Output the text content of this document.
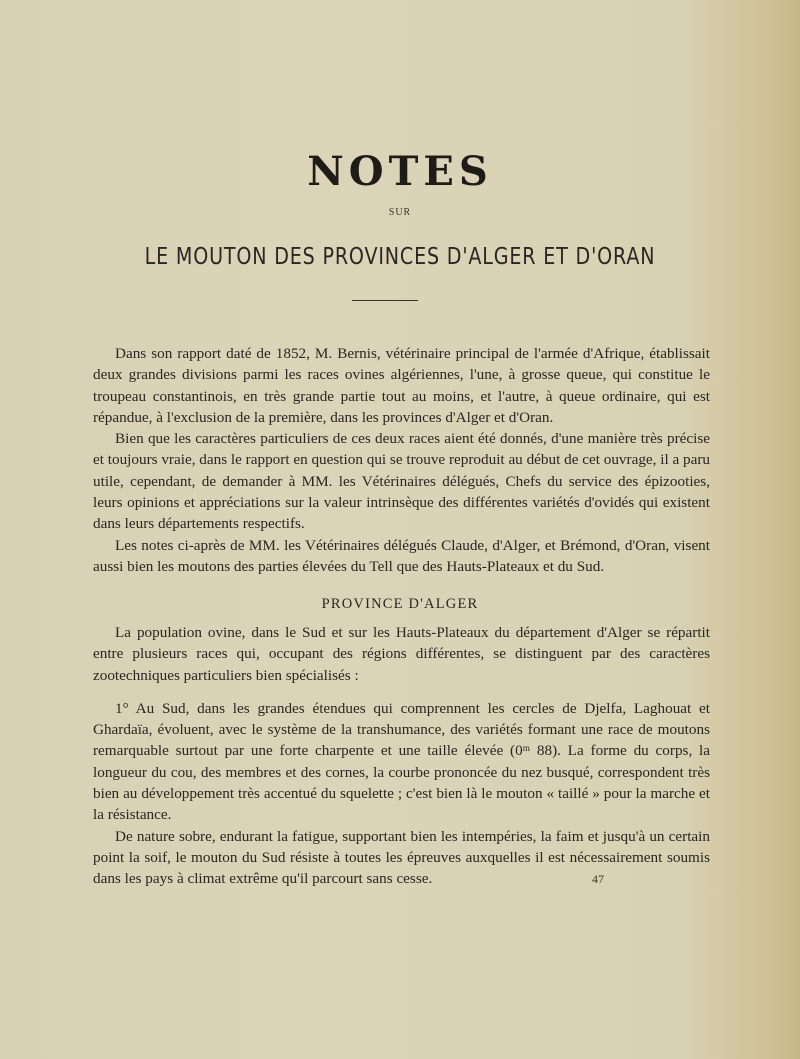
NOTES
SUR
LE MOUTON DES PROVINCES D'ALGER ET D'ORAN

Dans son rapport daté de 1852, M. Bernis, vétérinaire principal de l'armée d'Afrique, établissait deux grandes divisions parmi les races ovines algériennes, l'une, à grosse queue, qui constitue le troupeau constantinois, en très grande partie tout au moins, et l'autre, à queue ordinaire, qui est répandue, à l'exclusion de la première, dans les provinces d'Alger et d'Oran.

Bien que les caractères particuliers de ces deux races aient été donnés, d'une manière très précise et toujours vraie, dans le rapport en question qui se trouve reproduit au début de cet ouvrage, il a paru utile, cependant, de demander à MM. les Vétérinaires délégués, Chefs du service des épizooties, leurs opinions et appréciations sur la valeur intrinsèque des différentes variétés d'ovidés qui existent dans leurs départements respectifs.

Les notes ci-après de MM. les Vétérinaires délégués Claude, d'Alger, et Brémond, d'Oran, visent aussi bien les moutons des parties élevées du Tell que des Hauts-Plateaux et du Sud.

PROVINCE D'ALGER

La population ovine, dans le Sud et sur les Hauts-Plateaux du département d'Alger se répartit entre plusieurs races qui, occupant des régions différentes, se distinguent par des caractères zootechniques particuliers bien spécialisés :

1° Au Sud, dans les grandes étendues qui comprennent les cercles de Djelfa, Laghouat et Ghardaïa, évoluent, avec le système de la transhumance, des variétés formant une race de moutons remarquable surtout par une forte charpente et une taille élevée (0ᵐ 88). La forme du corps, la longueur du cou, des membres et des cornes, la courbe prononcée du nez busqué, correspondent très bien au développement très accentué du squelette ; c'est bien là le mouton « taillé » pour la marche et la résistance.

De nature sobre, endurant la fatigue, supportant bien les intempéries, la faim et jusqu'à un certain point la soif, le mouton du Sud résiste à toutes les épreuves auxquelles il est nécessairement soumis dans les pays à climat extrême qu'il parcourt sans cesse.	47
